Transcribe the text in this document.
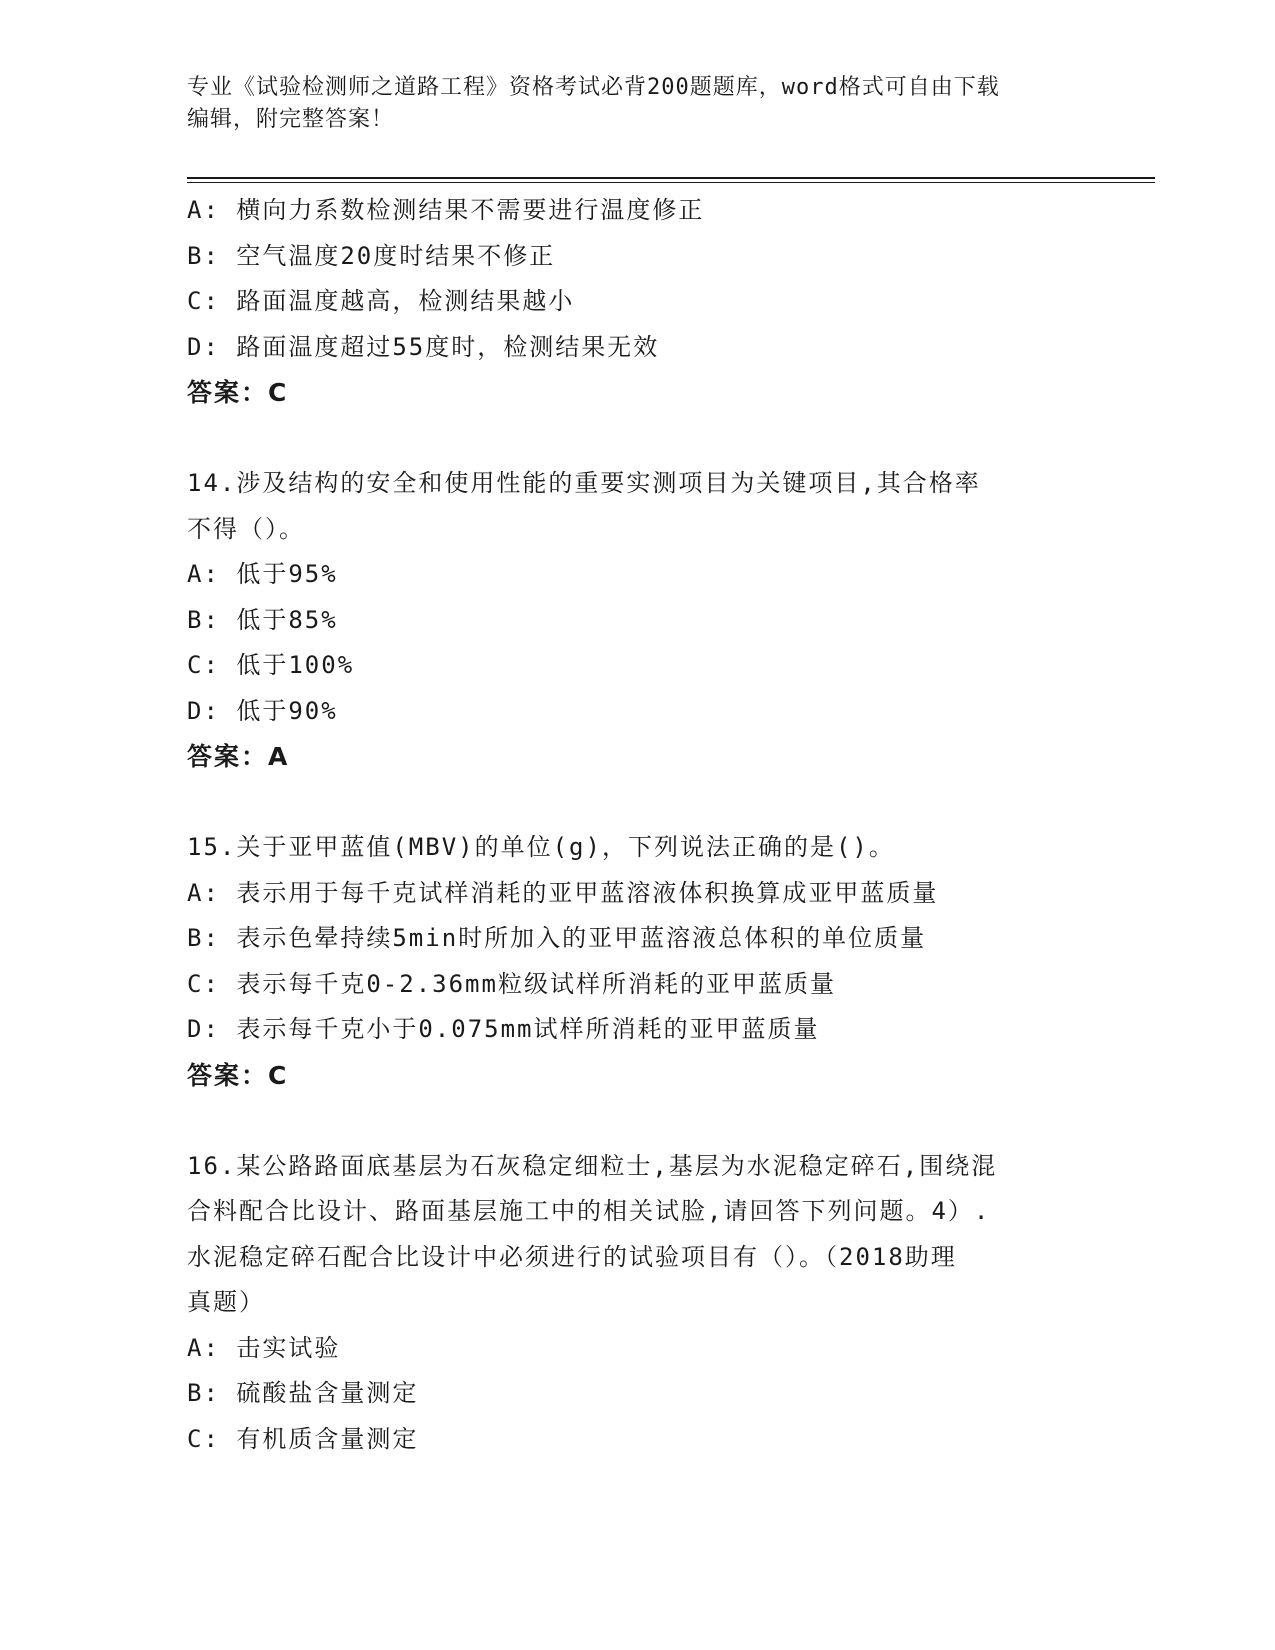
专业《试验检测师之道路工程》资格考试必背200题题库，word格式可自由下载
编辑，附完整答案！
A: 横向力系数检测结果不需要进行温度修正
B: 空气温度20度时结果不修正
C: 路面温度越高，检测结果越小
D: 路面温度超过55度时，检测结果无效
答案：C
14.涉及结构的安全和使用性能的重要实测项目为关键项目,其合格率
不得（）。
A: 低于95%
B: 低于85%
C: 低于100%
D: 低于90%
答案：A
15.关于亚甲蓝值(MBV)的单位(g)，下列说法正确的是()。
A: 表示用于每千克试样消耗的亚甲蓝溶液体积换算成亚甲蓝质量
B: 表示色晕持续5min时所加入的亚甲蓝溶液总体积的单位质量
C: 表示每千克0-2.36mm粒级试样所消耗的亚甲蓝质量
D: 表示每千克小于0.075mm试样所消耗的亚甲蓝质量
答案：C
16.某公路路面底基层为石灰稳定细粒士,基层为水泥稳定碎石,围绕混
合料配合比设计、路面基层施工中的相关试脸,请回答下列问题。4）.
水泥稳定碎石配合比设计中必须进行的试验项目有（）。（2018助理
真题）
A: 击实试验
B: 硫酸盐含量测定
C: 有机质含量测定
